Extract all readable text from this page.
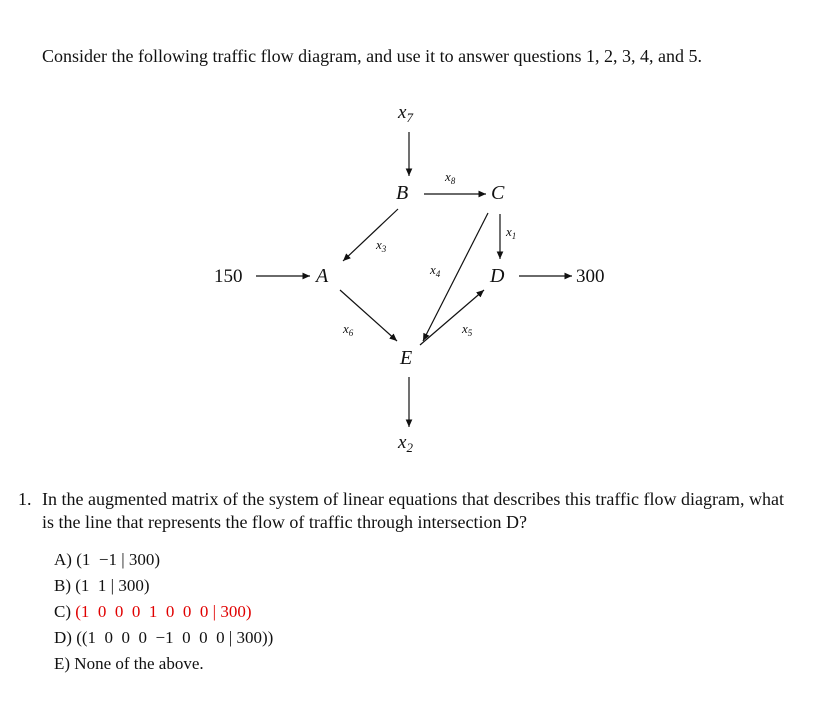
Consider the following traffic flow diagram, and use it to answer questions 1, 2, 3, 4, and 5.
$x_7$
B
$x_8$
C
$x_1$
$x_3$
150	A	$x_4$ D	300
$x_6$	$x_5$
E
$x_2$
1. In the augmented matrix of the system of linear equations that describes this traffic flow diagram, what is the line that represents the flow of traffic through intersection D?
A) (1  −1 | 300)
B) (1  1 | 300)
C) (1  0  0  0  1  0  0  0 | 300)
D) ((1  0  0  0  −1  0  0  0 | 300))
E) None of the above.
